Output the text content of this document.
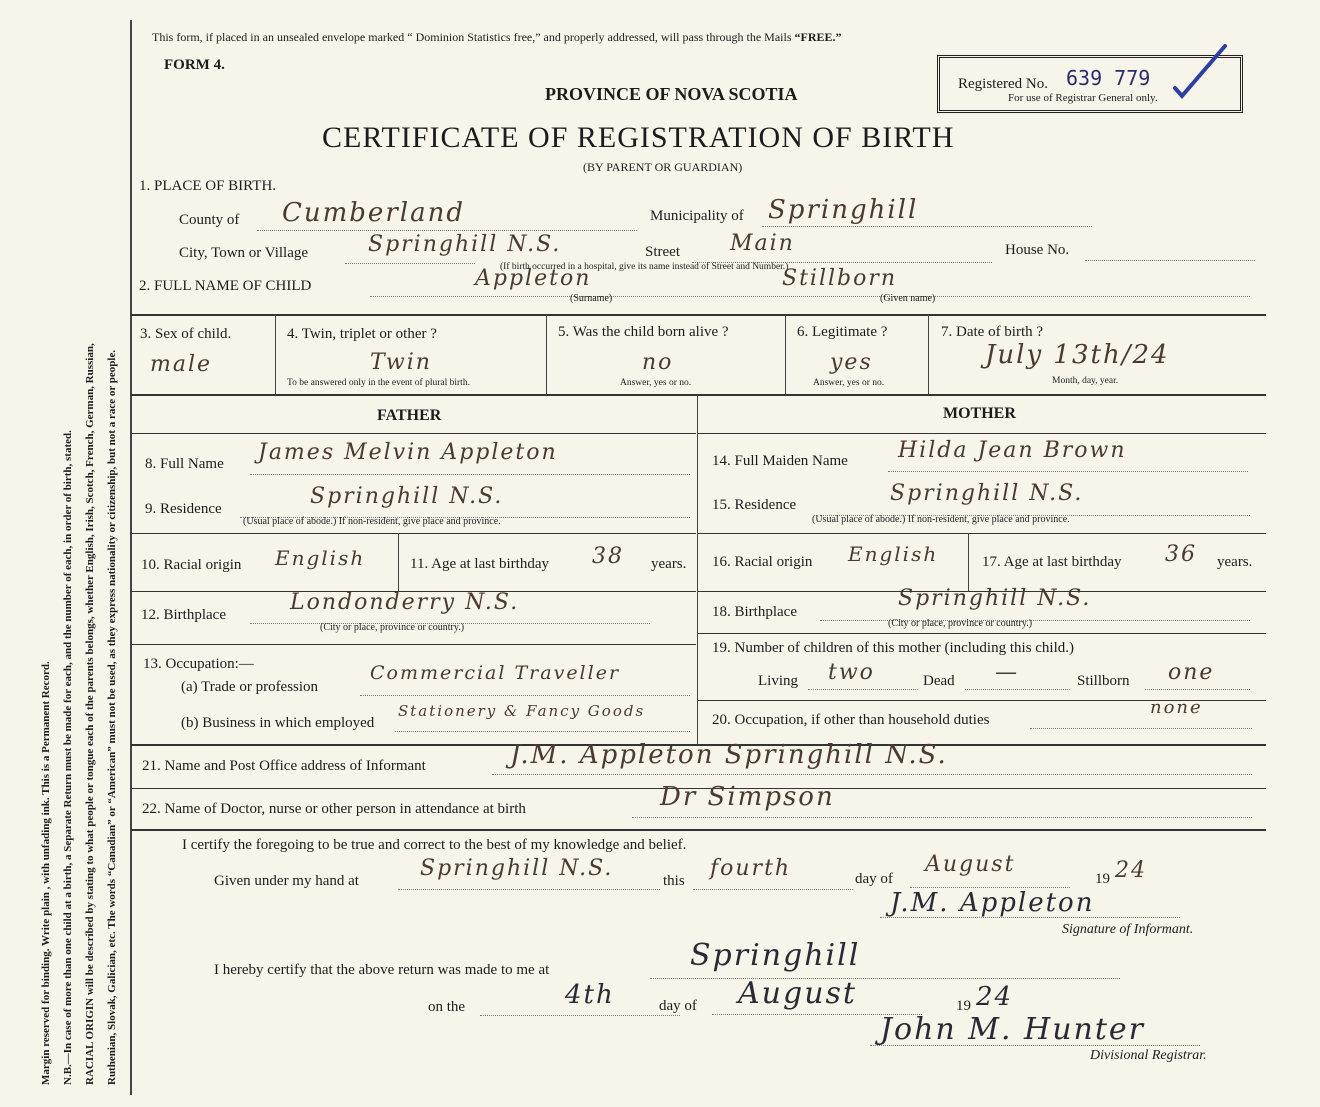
Margin reserved for binding. Write plain , with unfading ink. This is a Permanent Record. N.B.—In case of more than one child at a birth, a Separate Return must be made for each, and the number of each, in order of birth, stated. RACIAL ORIGIN will be described by stating to what people or tongue each of the parents belongs, whether English, Irish, Scotch, French, German, Russian, Ruthenian, Slovak, Galician, etc. The words “Canadian” or “American” must not be used, as they express nationality or citizenship, but not a race or people.
This form, if placed in an unsealed envelope marked “ Dominion Statistics free,” and properly addressed, will pass through the Mails “FREE.”
FORM 4.
PROVINCE OF NOVA SCOTIA
CERTIFICATE OF REGISTRATION OF BIRTH
(BY PARENT OR GUARDIAN)
Registered No. 639 779
For use of Registrar General only.
1. PLACE OF BIRTH.
County of Cumberland	Municipality of Springhill
City, Town or Village	Springhill N.S.	Street Main	House No.
(If birth occurred in a hospital, give its name instead of Street and Number.)
2. FULL NAME OF CHILD	Appleton
(Surname)
Stillborn
(Given name)
3. Sex of child.
male
4. Twin, triplet or other ?
Twin
To be answered only in the event of plural birth.
5. Was the child born alive ?
no
Answer, yes or no.
6. Legitimate ?
yes
Answer, yes or no.
7. Date of birth ?
July 13th/24
Month, day, year.
FATHER	MOTHER
8. Full Name James Melvin Appleton
9. Residence	Springhill N.S.
(Usual place of abode.) If non-resident, give place and province.
10. Racial origin English	11. Age at last birthday 38 years.
12. Birthplace	Londonderry N.S.
(City or place, province or country.)
13. Occupation:—
(a) Trade or profession
Commercial Traveller
(b) Business in which employed
Stationery & Fancy Goods
14. Full Maiden Name Hilda Jean Brown
15. Residence	Springhill N.S.
(Usual place of abode.) If non-resident, give place and province.
16. Racial origin English	17. Age at last birthday 36 years.
18. Birthplace
Springhill N.S.
(City or place, province or country.)
19. Number of children of this mother (including this child.)
Living two	Dead —	Stillborn one
20. Occupation, if other than household duties
none
21. Name and Post Office address of Informant	J.M. Appleton Springhill N.S.
22. Name of Doctor, nurse or other person in attendance at birth	Dr Simpson
I certify the foregoing to be true and correct to the best of my knowledge and belief.
Given under my hand at	Springhill N.S.	this fourth	day of
August
19 24
J.M. Appleton
Signature of Informant.
I hereby certify that the above return was made to me at	Springhill
on the	4th	day of August	19 24
John M. Hunter
Divisional Registrar.
